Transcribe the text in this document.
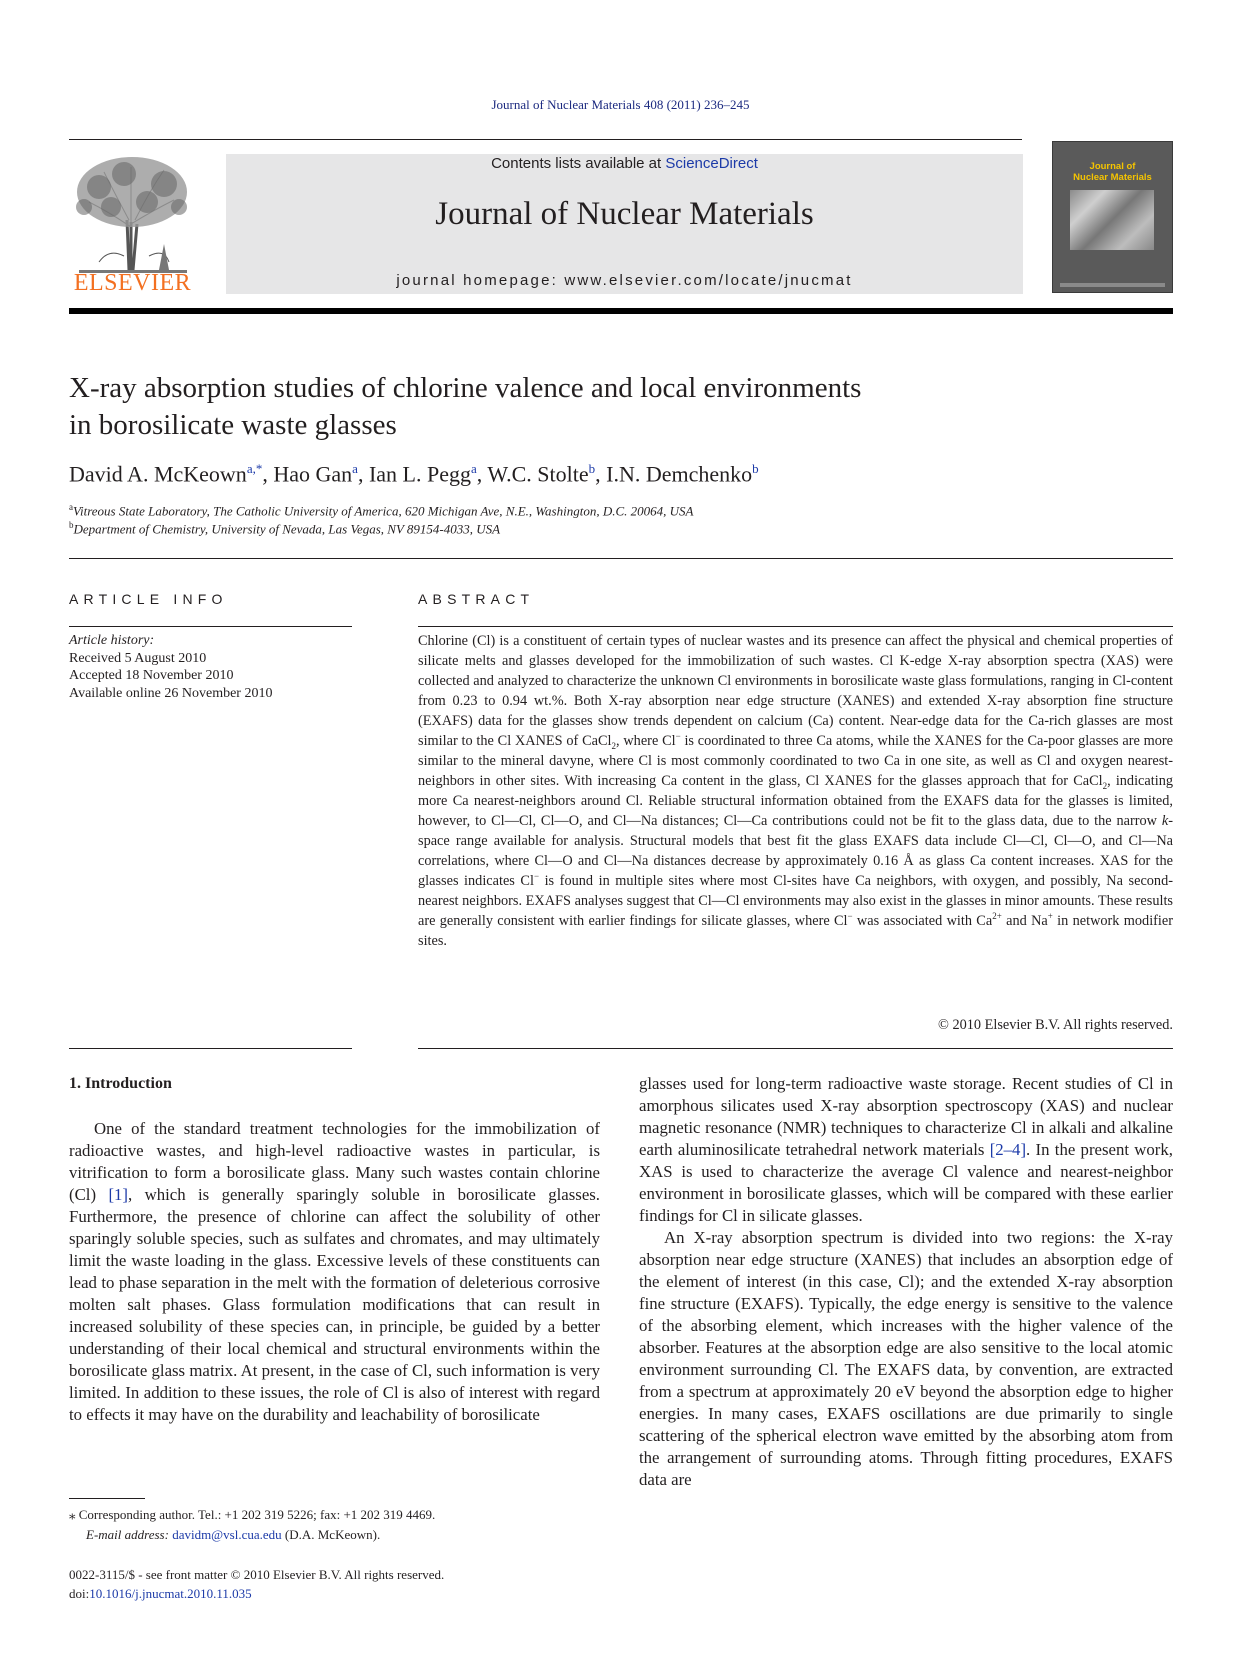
Journal of Nuclear Materials 408 (2011) 236–245
ELSEVIER
Contents lists available at ScienceDirect
Journal of Nuclear Materials
journal homepage: www.elsevier.com/locate/jnucmat
Journal of
Nuclear Materials
X-ray absorption studies of chlorine valence and local environments
in borosilicate waste glasses
David A. McKeown$^{a,*}$, Hao Gan$^a$, Ian L. Pegg$^a$, W.C. Stolte$^b$, I.N. Demchenko$^b$
$^a$Vitreous State Laboratory, The Catholic University of America, 620 Michigan Ave, N.E., Washington, D.C. 20064, USA
$^b$Department of Chemistry, University of Nevada, Las Vegas, NV 89154-4033, USA
ARTICLE INFO	ABSTRACT
Article history:
Received 5 August 2010
Accepted 18 November 2010
Available online 26 November 2010

Chlorine (Cl) is a constituent of certain types of nuclear wastes and its presence can affect the physical and chemical properties of silicate melts and glasses developed for the immobilization of such wastes. Cl K-edge X-ray absorption spectra (XAS) were collected and analyzed to characterize the unknown Cl environments in borosilicate waste glass formulations, ranging in Cl-content from 0.23 to 0.94 wt.%. Both X-ray absorption near edge structure (XANES) and extended X-ray absorption fine structure (EXAFS) data for the glasses show trends dependent on calcium (Ca) content. Near-edge data for the Ca-rich glasses are most similar to the Cl XANES of CaCl$_2$, where Cl− is coordinated to three Ca atoms, while the XANES for the Ca-poor glasses are more similar to the mineral davyne, where Cl is most commonly coordinated to two Ca in one site, as well as Cl and oxygen nearest-neighbors in other sites. With increasing Ca content in the glass, Cl XANES for the glasses approach that for CaCl$_2$, indicating more Ca nearest-neighbors around Cl. Reliable structural information obtained from the EXAFS data for the glasses is limited, however, to Cl—Cl, Cl—O, and Cl—Na distances; Cl—Ca contributions could not be fit to the glass data, due to the narrow k-space range available for analysis. Structural models that best fit the glass EXAFS data include Cl—Cl, Cl—O, and Cl—Na correlations, where Cl—O and Cl—Na distances decrease by approximately 0.16 Å as glass Ca content increases. XAS for the glasses indicates Cl− is found in multiple sites where most Cl-sites have Ca neighbors, with oxygen, and possibly, Na second-nearest neighbors. EXAFS analyses suggest that Cl—Cl environments may also exist in the glasses in minor amounts. These results are generally consistent with earlier findings for silicate glasses, where Cl− was associated with $Ca^{2+}$ and Na+ in network modifier sites.

© 2010 Elsevier B.V. All rights reserved.
1. Introduction

One of the standard treatment technologies for the immobilization of radioactive wastes, and high-level radioactive wastes in particular, is vitrification to form a borosilicate glass. Many such wastes contain chlorine (Cl) [1], which is generally sparingly soluble in borosilicate glasses. Furthermore, the presence of chlorine can affect the solubility of other sparingly soluble species, such as sulfates and chromates, and may ultimately limit the waste loading in the glass. Excessive levels of these constituents can lead to phase separation in the melt with the formation of deleterious corrosive molten salt phases. Glass formulation modifications that can result in increased solubility of these species can, in principle, be guided by a better understanding of their local chemical and structural environments within the borosilicate glass matrix. At present, in the case of Cl, such information is very limited. In addition to these issues, the role of Cl is also of interest with regard to effects it may have on the durability and leachability of borosilicate

glasses used for long-term radioactive waste storage. Recent studies of Cl in amorphous silicates used X-ray absorption spectroscopy (XAS) and nuclear magnetic resonance (NMR) techniques to characterize Cl in alkali and alkaline earth aluminosilicate tetrahedral network materials [2–4]. In the present work, XAS is used to characterize the average Cl valence and nearest-neighbor environment in borosilicate glasses, which will be compared with these earlier findings for Cl in silicate glasses.

An X-ray absorption spectrum is divided into two regions: the X-ray absorption near edge structure (XANES) that includes an absorption edge of the element of interest (in this case, Cl); and the extended X-ray absorption fine structure (EXAFS). Typically, the edge energy is sensitive to the valence of the absorbing element, which increases with the higher valence of the absorber. Features at the absorption edge are also sensitive to the local atomic environment surrounding Cl. The EXAFS data, by convention, are extracted from a spectrum at approximately 20 eV beyond the absorption edge to higher energies. In many cases, EXAFS oscillations are due primarily to single scattering of the spherical electron wave emitted by the absorbing atom from the arrangement of surrounding atoms. Through fitting procedures, EXAFS data are

⁎ Corresponding author. Tel.: +1 202 319 5226; fax: +1 202 319 4469.
E-mail address: davidm@vsl.cua.edu (D.A. McKeown).
0022-3115/$ - see front matter © 2010 Elsevier B.V. All rights reserved.
doi:10.1016/j.jnucmat.2010.11.035
